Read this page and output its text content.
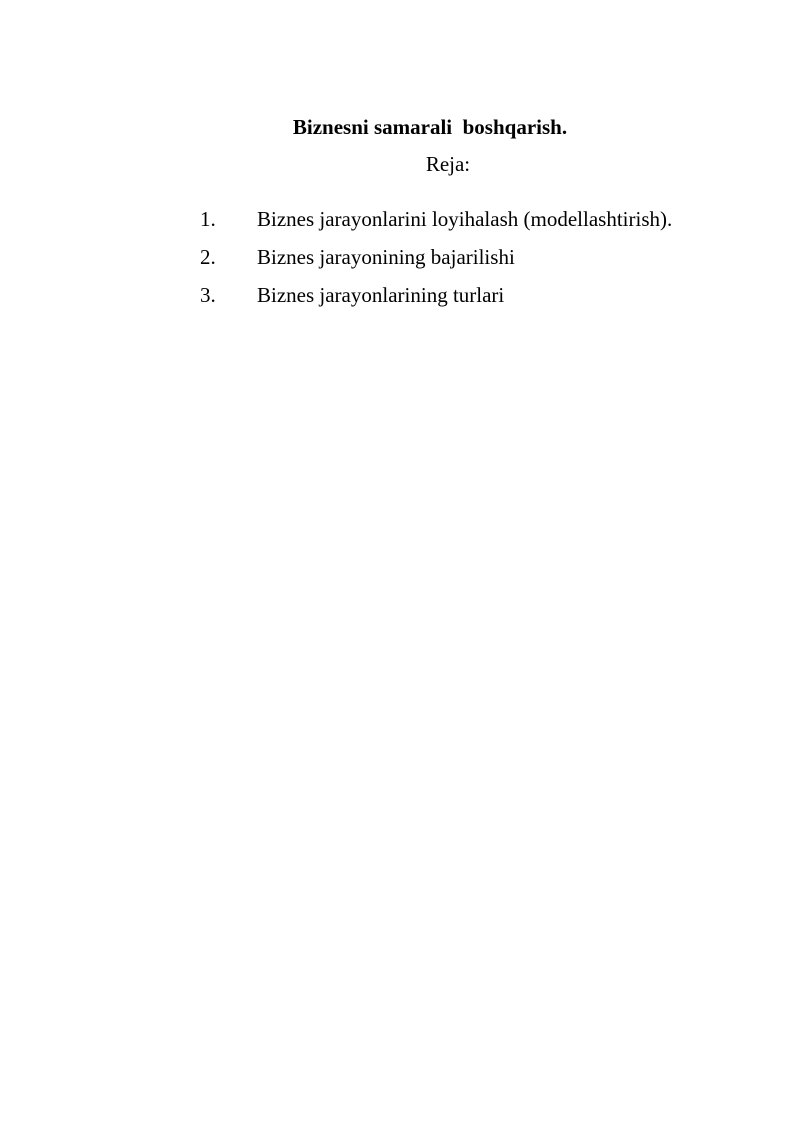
Biznesni samarali  boshqarish.
Reja:
1.	Biznes jarayonlarini loyihalash (modellashtirish).
2.	Biznes jarayonining bajarilishi
3.	Biznes jarayonlarining turlari
